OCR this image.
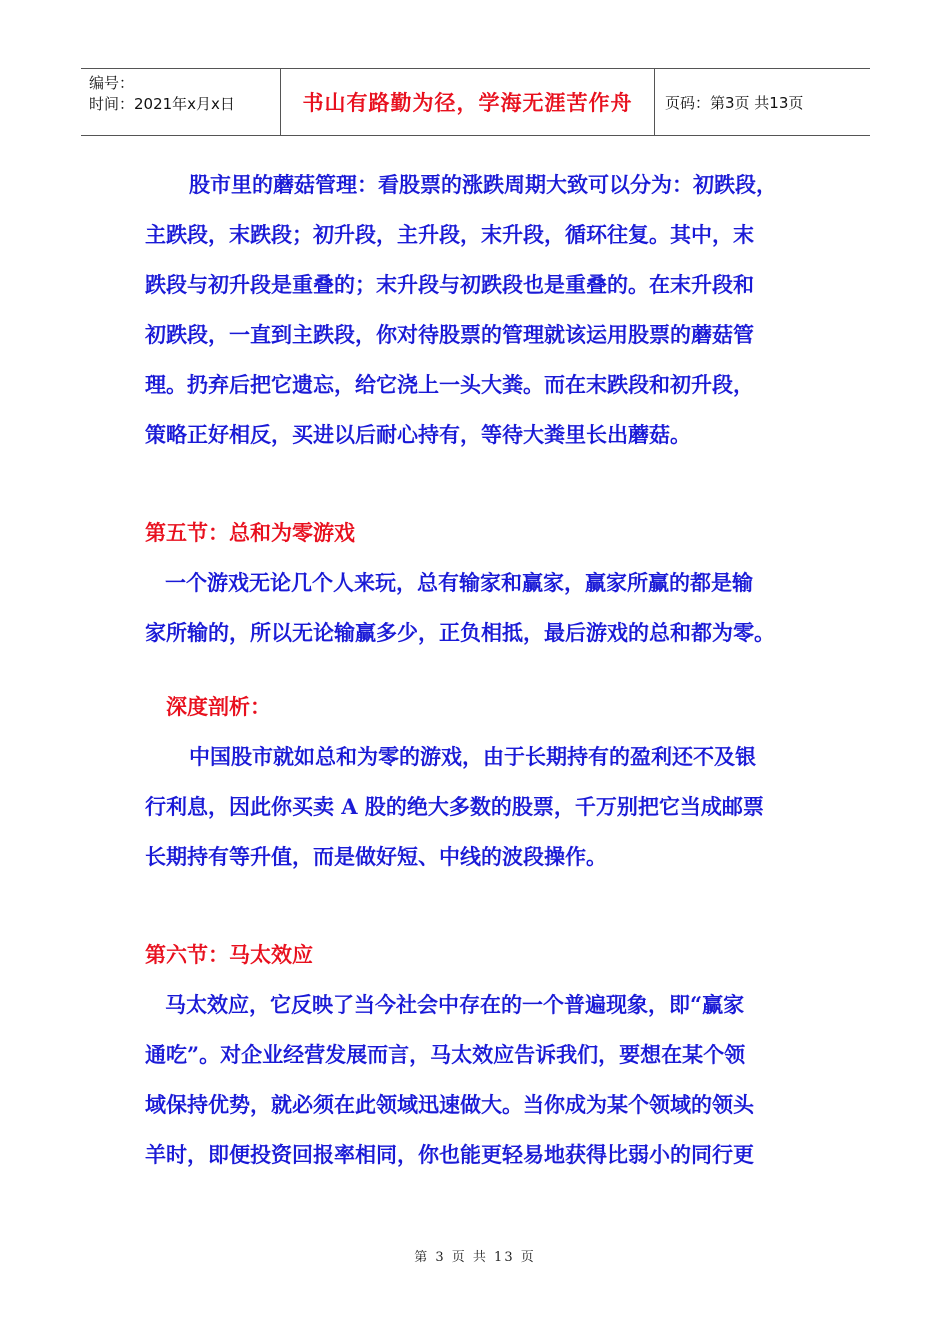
编号：
时间：2021年x月x日	书山有路勤为径，学海无涯苦作舟	页码：第3页 共13页
股市里的蘑菇管理：看股票的涨跌周期大致可以分为：初跌段，
主跌段，末跌段；初升段，主升段，末升段，循环往复。其中，末
跌段与初升段是重叠的；末升段与初跌段也是重叠的。在末升段和
初跌段，一直到主跌段，你对待股票的管理就该运用股票的蘑菇管
理。扔弃后把它遗忘，给它浇上一头大粪。而在末跌段和初升段，
策略正好相反，买进以后耐心持有，等待大粪里长出蘑菇。
第五节：总和为零游戏
一个游戏无论几个人来玩，总有输家和赢家，赢家所赢的都是输
家所输的，所以无论输赢多少，正负相抵，最后游戏的总和都为零。
深度剖析：
中国股市就如总和为零的游戏，由于长期持有的盈利还不及银
行利息，因此你买卖 A 股的绝大多数的股票，千万别把它当成邮票
长期持有等升值，而是做好短、中线的波段操作。
第六节：马太效应
马太效应，它反映了当今社会中存在的一个普遍现象，即“赢家
通吃”。对企业经营发展而言，马太效应告诉我们，要想在某个领
域保持优势，就必须在此领域迅速做大。当你成为某个领域的领头
羊时，即便投资回报率相同，你也能更轻易地获得比弱小的同行更
第 3 页 共 13 页
